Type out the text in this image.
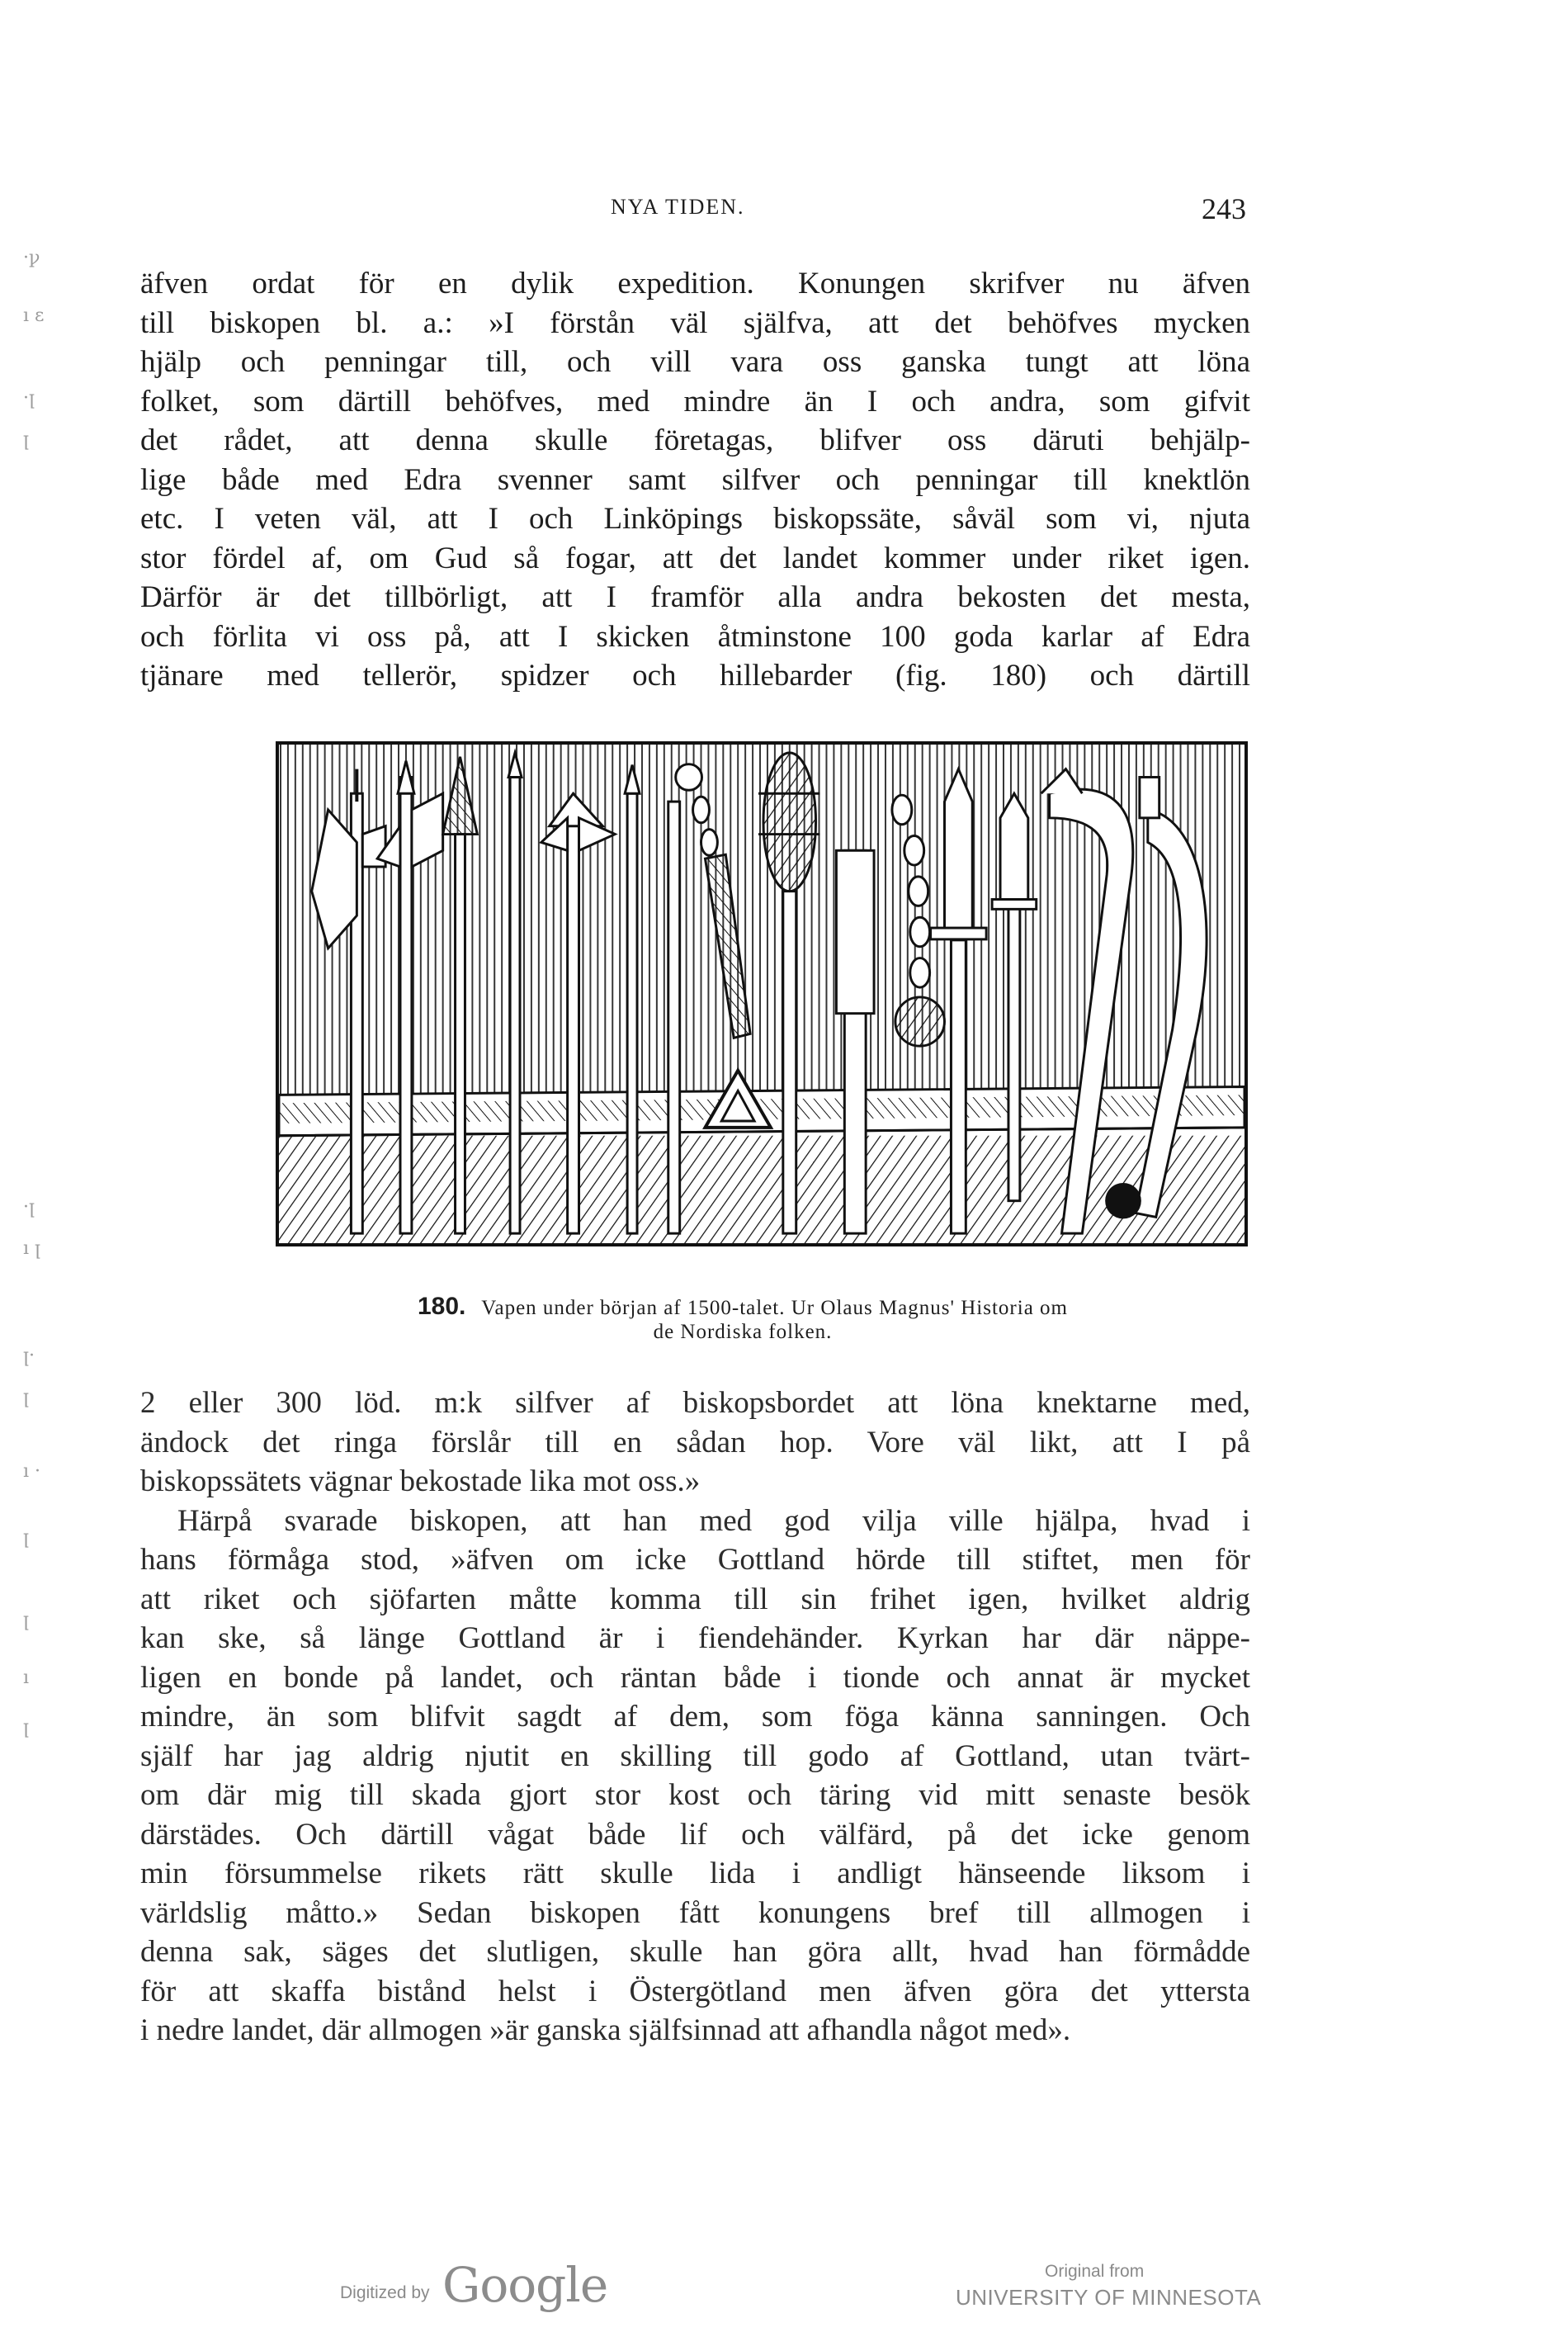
·ꝩ
ı ε
·ꞁ
ꞁ
·ꞁ
ı ꞁ
ꞁ·
ꞁ
ı ·
ꞁ
ꞁ
ı
ꞁ
NYA TIDEN.	243
äfven ordat för en dylik expedition. Konungen skrifver nu äfven
till biskopen bl. a.: »I förstån väl själfva, att det behöfves mycken
hjälp och penningar till, och vill vara oss ganska tungt att löna
folket, som därtill behöfves, med mindre än I och andra, som gifvit
det rådet, att denna skulle företagas, blifver oss däruti behjälp-
lige både med Edra svenner samt silfver och penningar till knektlön
etc. I veten väl, att I och Linköpings biskopssäte, såväl som vi, njuta
stor fördel af, om Gud så fogar, att det landet kommer under riket igen.
Därför är det tillbörligt, att I framför alla andra bekosten det mesta,
och förlita vi oss på, att I skicken åtminstone 100 goda karlar af Edra
tjänare med tellerör, spidzer och hillebarder (fig. 180) och därtill
180. Vapen under början af 1500-talet. Ur Olaus Magnus' Historia om
de Nordiska folken.
2 eller 300 löd. m:k silfver af biskopsbordet att löna knektarne med,
ändock det ringa förslår till en sådan hop. Vore väl likt, att I på
biskopssätets vägnar bekostade lika mot oss.»
Härpå svarade biskopen, att han med god vilja ville hjälpa, hvad i
hans förmåga stod, »äfven om icke Gottland hörde till stiftet, men för
att riket och sjöfarten måtte komma till sin frihet igen, hvilket aldrig
kan ske, så länge Gottland är i fiendehänder. Kyrkan har där näppe-
ligen en bonde på landet, och räntan både i tionde och annat är mycket
mindre, än som blifvit sagdt af dem, som föga känna sanningen. Och
själf har jag aldrig njutit en skilling till godo af Gottland, utan tvärt-
om där mig till skada gjort stor kost och täring vid mitt senaste besök
därstädes. Och därtill vågat både lif och välfärd, på det icke genom
min försummelse rikets rätt skulle lida i andligt hänseende liksom i
världslig måtto.» Sedan biskopen fått konungens bref till allmogen i
denna sak, säges det slutligen, skulle han göra allt, hvad han förmådde
för att skaffa bistånd helst i Östergötland men äfven göra det yttersta
i nedre landet, där allmogen »är ganska själfsinnad att afhandla något med».
Digitized by Google	Original from
UNIVERSITY OF MINNESOTA
